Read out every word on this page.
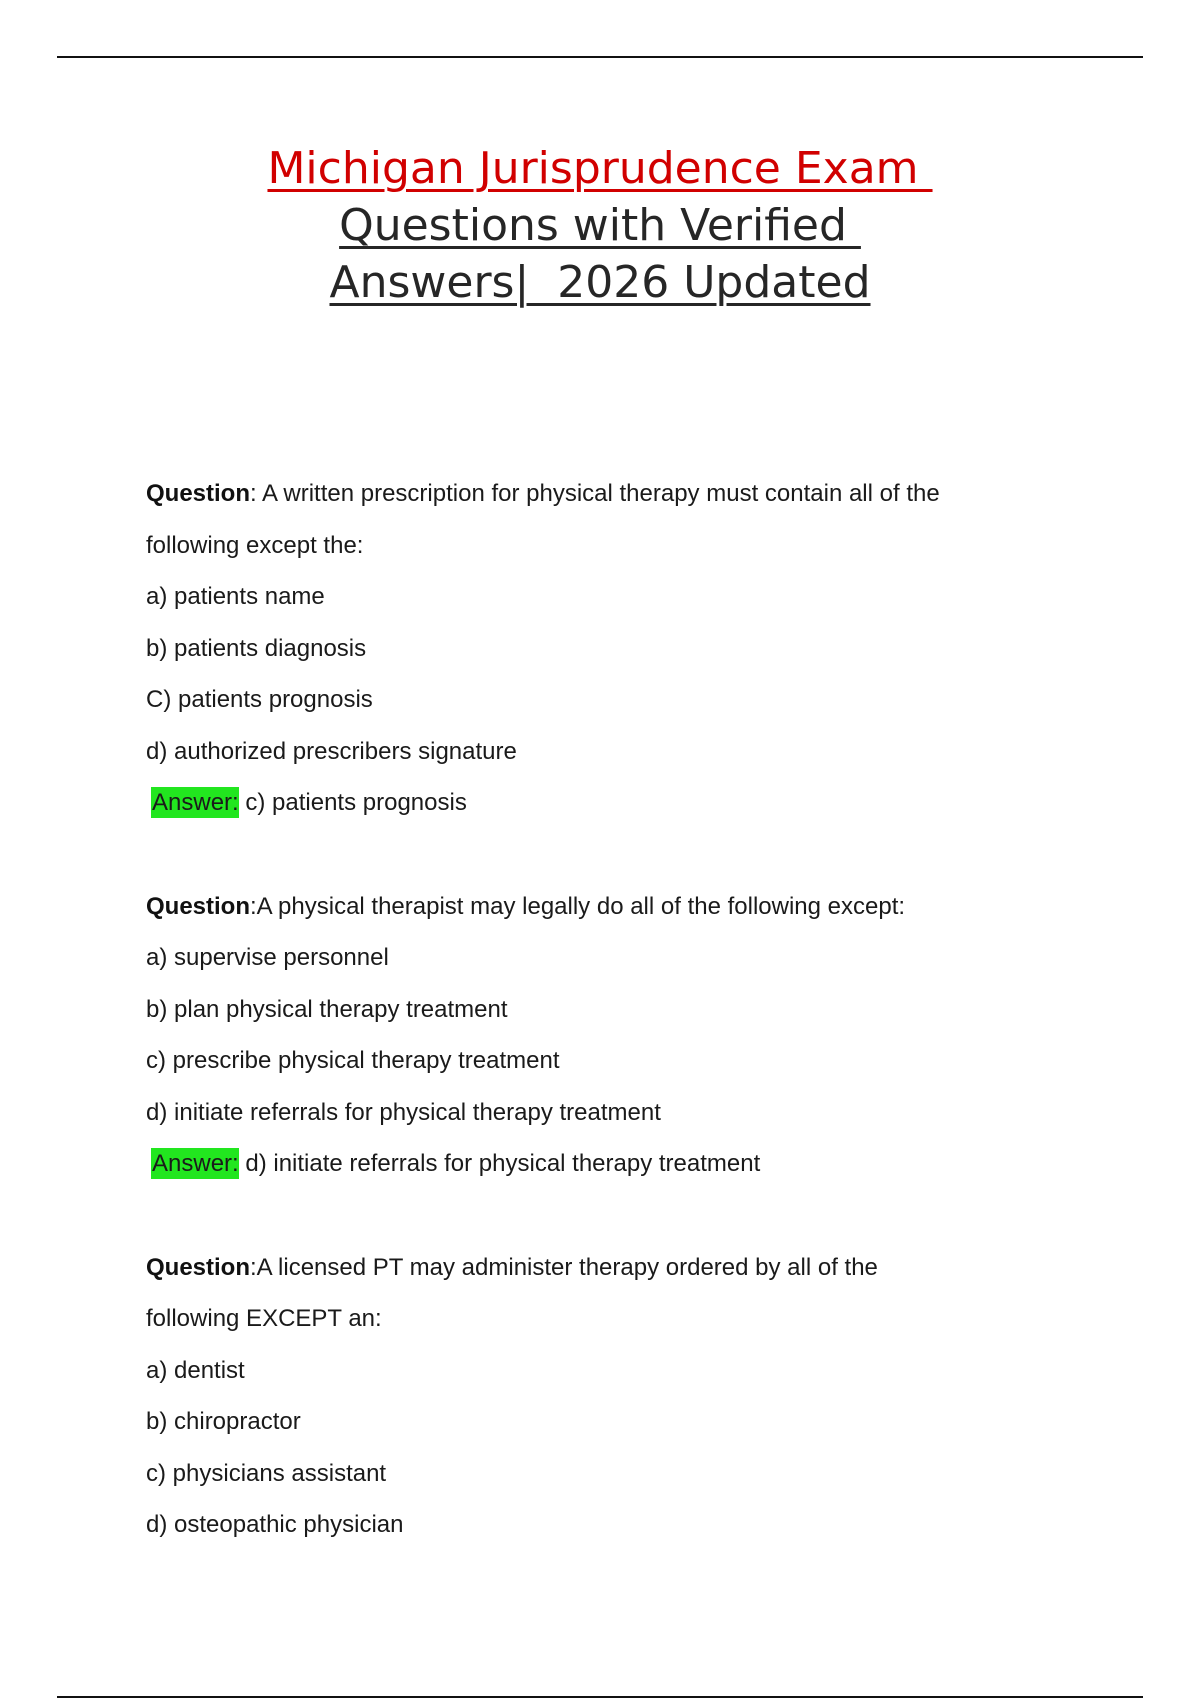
Michigan Jurisprudence Exam
Questions with Verified
Answers|  2026 Updated
Question: A written prescription for physical therapy must contain all of the
following except the:
a) patients name
b) patients diagnosis
C) patients prognosis
d) authorized prescribers signature
Answer: c) patients prognosis
Question:A physical therapist may legally do all of the following except:
a) supervise personnel
b) plan physical therapy treatment
c) prescribe physical therapy treatment
d) initiate referrals for physical therapy treatment
Answer: d) initiate referrals for physical therapy treatment
Question:A licensed PT may administer therapy ordered by all of the
following EXCEPT an:
a) dentist
b) chiropractor
c) physicians assistant
d) osteopathic physician
